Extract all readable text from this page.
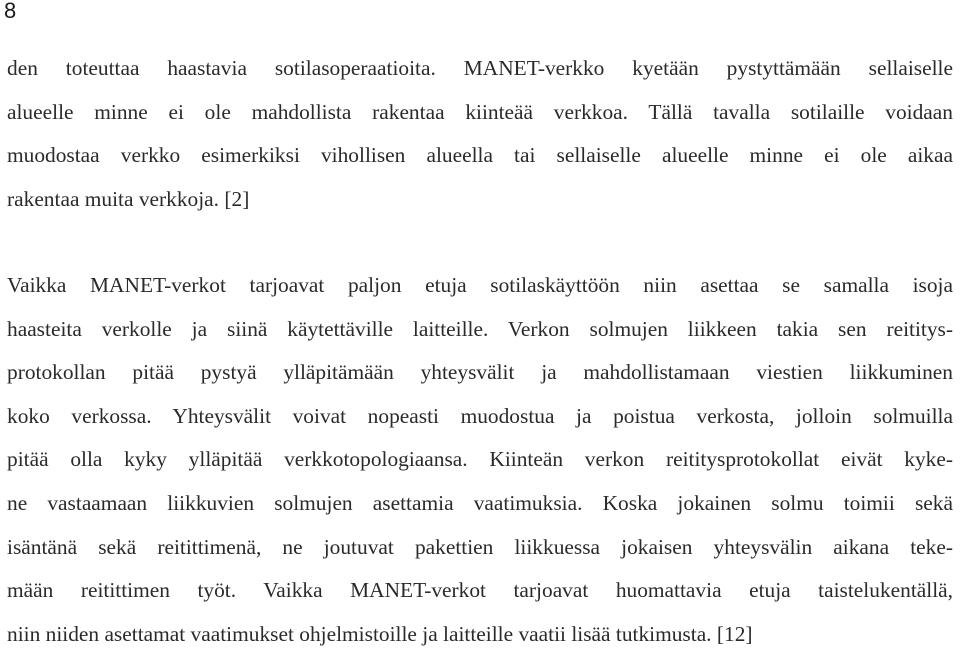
8

den toteuttaa haastavia sotilasoperaatioita. MANET-verkko kyetään pystyttämään sellaiselle
alueelle minne ei ole mahdollista rakentaa kiinteää verkkoa. Tällä tavalla sotilaille voidaan
muodostaa verkko esimerkiksi vihollisen alueella tai sellaiselle alueelle minne ei ole aikaa
rakentaa muita verkkoja. [2]

Vaikka MANET-verkot tarjoavat paljon etuja sotilaskäyttöön niin asettaa se samalla isoja
haasteita verkolle ja siinä käytettäville laitteille. Verkon solmujen liikkeen takia sen reititys-
protokollan pitää pystyä ylläpitämään yhteysvälit ja mahdollistamaan viestien liikkuminen
koko verkossa. Yhteysvälit voivat nopeasti muodostua ja poistua verkosta, jolloin solmuilla
pitää olla kyky ylläpitää verkkotopologiaansa. Kiinteän verkon reititysprotokollat eivät kyke-
ne vastaamaan liikkuvien solmujen asettamia vaatimuksia. Koska jokainen solmu toimii sekä
isäntänä sekä reitittimenä, ne joutuvat pakettien liikkuessa jokaisen yhteysvälin aikana teke-
mään reitittimen työt. Vaikka MANET-verkot tarjoavat huomattavia etuja taistelukentällä,
niin niiden asettamat vaatimukset ohjelmistoille ja laitteille vaatii lisää tutkimusta. [12]
